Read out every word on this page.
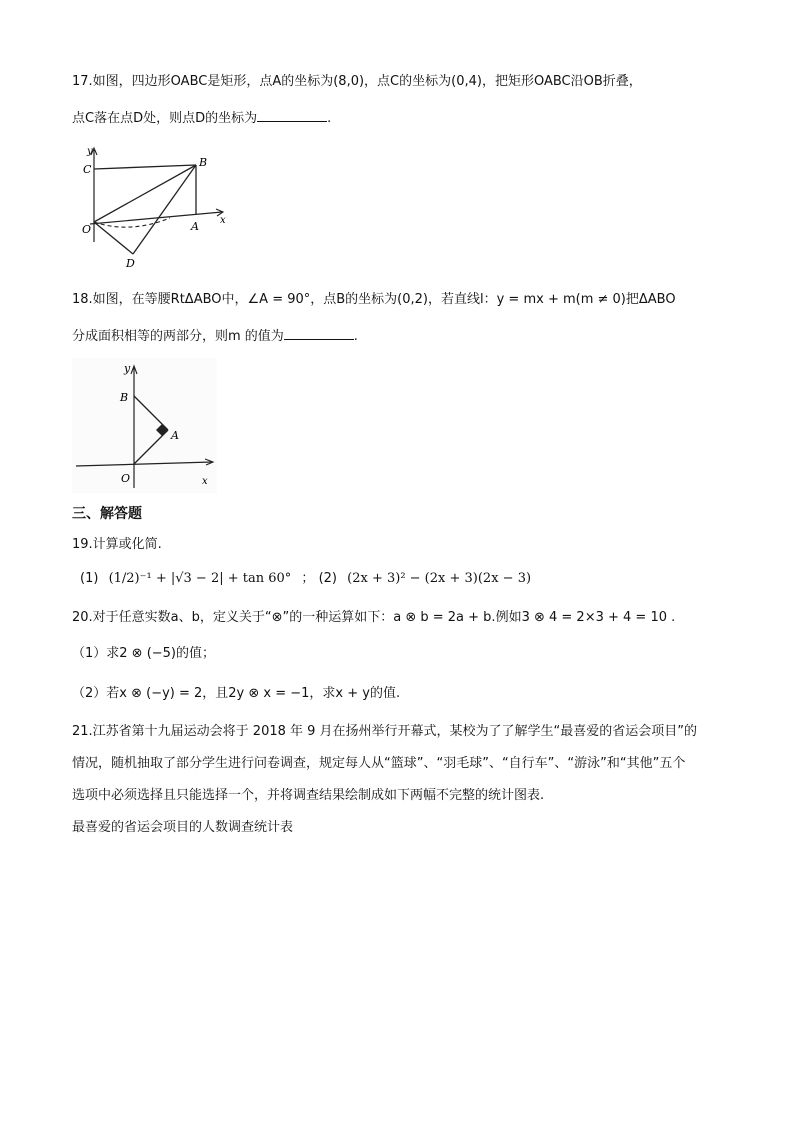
17.如图，四边形OABC是矩形，点A的坐标为(8,0)，点C的坐标为(0,4)，把矩形OABC沿OB折叠，
点C落在点D处，则点D的坐标为	.
y
C
B
O	A x
D
18.如图，在等腰RtΔABO中，∠A = 90°，点B的坐标为(0,2)，若直线l：y = mx + m(m ≠ 0)把ΔABO
分成面积相等的两部分，则m 的值为	.
y
B
A
O	x
三、解答题
19.计算或化简.
(1) (1/2)⁻¹ + |√3 − 2| + tan 60° ； (2) (2x + 3)² − (2x + 3)(2x − 3)
20.对于任意实数a、b，定义关于“⊗”的一种运算如下：a ⊗ b = 2a + b.例如3 ⊗ 4 = 2×3 + 4 = 10 .
（1）求2 ⊗ (−5)的值；
（2）若x ⊗ (−y) = 2，且2y ⊗ x = −1，求x + y的值.
21.江苏省第十九届运动会将于 2018 年 9 月在扬州举行开幕式，某校为了了解学生“最喜爱的省运会项目”的
情况，随机抽取了部分学生进行问卷调查，规定每人从“篮球”、“羽毛球”、“自行车”、“游泳”和“其他”五个
选项中必须选择且只能选择一个，并将调查结果绘制成如下两幅不完整的统计图表.
最喜爱的省运会项目的人数调查统计表
